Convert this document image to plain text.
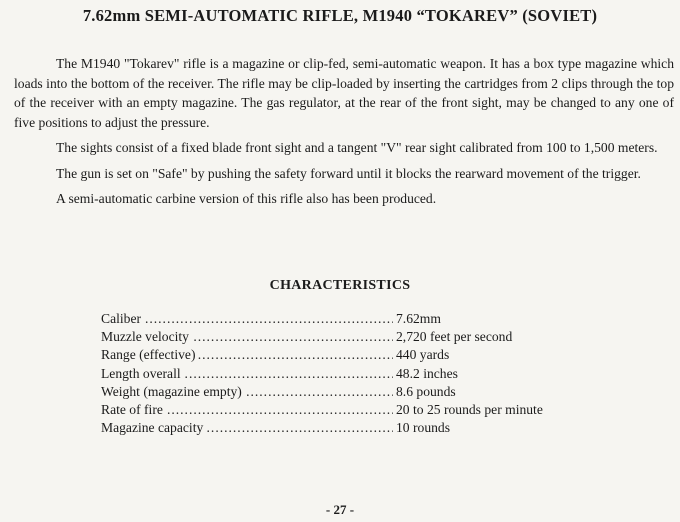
7.62mm SEMI-AUTOMATIC RIFLE, M1940 “TOKAREV” (SOVIET)

The M1940 "Tokarev" rifle is a magazine or clip-fed, semi-automatic weapon. It has a box type magazine which loads into the bottom of the receiver. The rifle may be clip-loaded by inserting the cartridges from 2 clips through the top of the receiver with an empty magazine. The gas regulator, at the rear of the front sight, may be changed to any one of five positions to adjust the pressure.

The sights consist of a fixed blade front sight and a tangent "V" rear sight calibrated from 100 to 1,500 meters.

The gun is set on "Safe" by pushing the safety forward until it blocks the rearward movement of the trigger.

A semi-automatic carbine version of this rifle also has been produced.

CHARACTERISTICS
Caliber . . .	7.62mm

Muzzle velocity . . .	2,720 feet per second

Range (effective) . . .	440 yards

Length overall . . .	48.2 inches

Weight (magazine empty) . . .	8.6 pounds

Rate of fire . . .	20 to 25 rounds per minute

Magazine capacity . . .	10 rounds

- 27 -
